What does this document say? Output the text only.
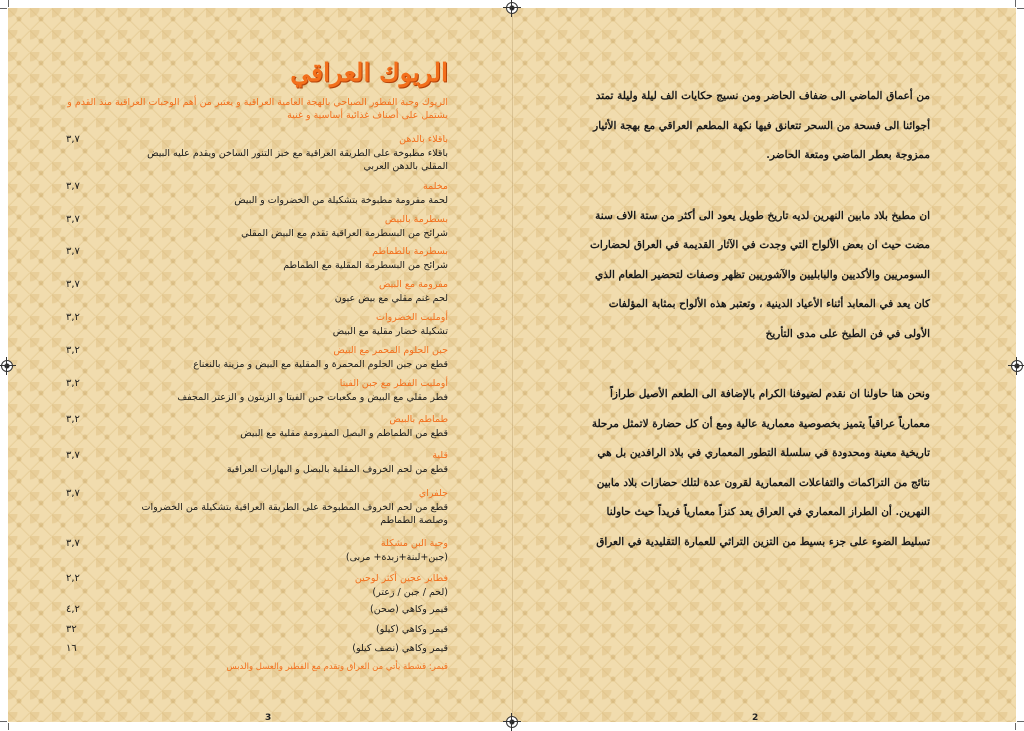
الريوك العراقي
الريوك وجبة الفطور الصباحي بالهجة العامية العراقية و يعتبر من أهم الوجبات العراقية منذ القدم و يشتمل على أصناف غذائية أساسية و غنية
باقلاء بالدهن
باقلاء مطبوخة على الطريقة العراقية مع خبز التنور الساخن ويقدم عليه البيض المقلي بالدهن العربي
٣,٧
مخلمة
لحمة مفرومة مطبوخة بتشكيلة من الخضروات و البيض
٣,٧
بسطرمة بالبيض
شرائح من البسطرمة العراقية تقدم مع البيض المقلي
٣,٧
بسطرمة بالطماطم
شرائح من البسطرمة المقلية مع الطماطم
٣,٧
مفرومة مع البيض
لحم غنم مقلي مع بيض عيون
٣,٧
أومليت الخضروات
تشكيلة خضار مقلية مع البيض
٣,٢
جبن الحلوم المحمر مع البيض
قطع من جبن الحلوم المحمرة و المقلية مع البيض و مزينة بالنعناع
٣,٢
أومليت الفطر مع جبن الفيتا
فطر مقلي مع البيض و مكعبات جبن الفيتا و الزيتون و الزعتر المجفف
٣,٢
طماطم بالبيض
قطع من الطماطم و البصل المفرومة مقلية مع البيض
٣,٢
قلية
قطع من لحم الخروف المقلية بالبصل و البهارات العراقية
٣,٧
جلفراي
قطع من لحم الخروف المطبوخة على الطريقة العراقية بتشكيلة من الخضروات وصلصة الطماطم
٣,٧
وجبة البن مشكلة
(جبن+لبنة+زبدة+ مربى)
٣,٧
فطاير عجين أكثر لوحين
(لحم / جبن / زعتر)
٢,٢
قيمر وكاهي (صحن)
٤,٢
قيمر وكاهي (كيلو)
٣٢
قيمر وكاهي (نصف كيلو)
١٦
قيمر: قشطة يأتي من العراق وتقدم مع الفطير والعسل والدبس
من أعماق الماضي الى ضفاف الحاضر ومن نسيج حكايات الف ليلة وليلة تمتد أجوائنا الى فسحة من السحر تتعانق فيها نكهة المطعم العراقي مع بهجة الأثيار ممزوجة بعطر الماضي ومتعة الحاضر.
ان مطبخ بلاد مابين النهرين لديه تاريخ طويل يعود الى أكثر من ستة الاف سنة مضت حيث ان بعض الألواح التي وجدت في الآثار القديمة في العراق لحضارات السومريين والأكديين والبابليين والآشوريين تظهر وصفات لتحضير الطعام الذي كان يعد في المعابد أثناء الأعياد الدينية ، وتعتبر هذه الألواح بمثابة المؤلفات الأولى في فن الطبخ على مدى التأريخ
ونحن هنا حاولنا ان نقدم لضيوفنا الكرام بالإضافة الى الطعم الأصيل طرازاً معمارياً عراقياً يتميز بخصوصية معمارية عالية ومع أن كل حضارة لاتمثل مرحلة تاريخية معينة ومحدودة في سلسلة التطور المعماري في بلاد الرافدين بل هي نتائج من التراكمات والتفاعلات المعمارية لقرون عدة لتلك حضارات بلاد مابين النهرين. أن الطراز المعماري في العراق يعد كنزاً معمارياً فريداً حيث حاولنا تسليط الضوء على جزء بسيط من التزين التراثي للعمارة التقليدية في العراق
3	2
